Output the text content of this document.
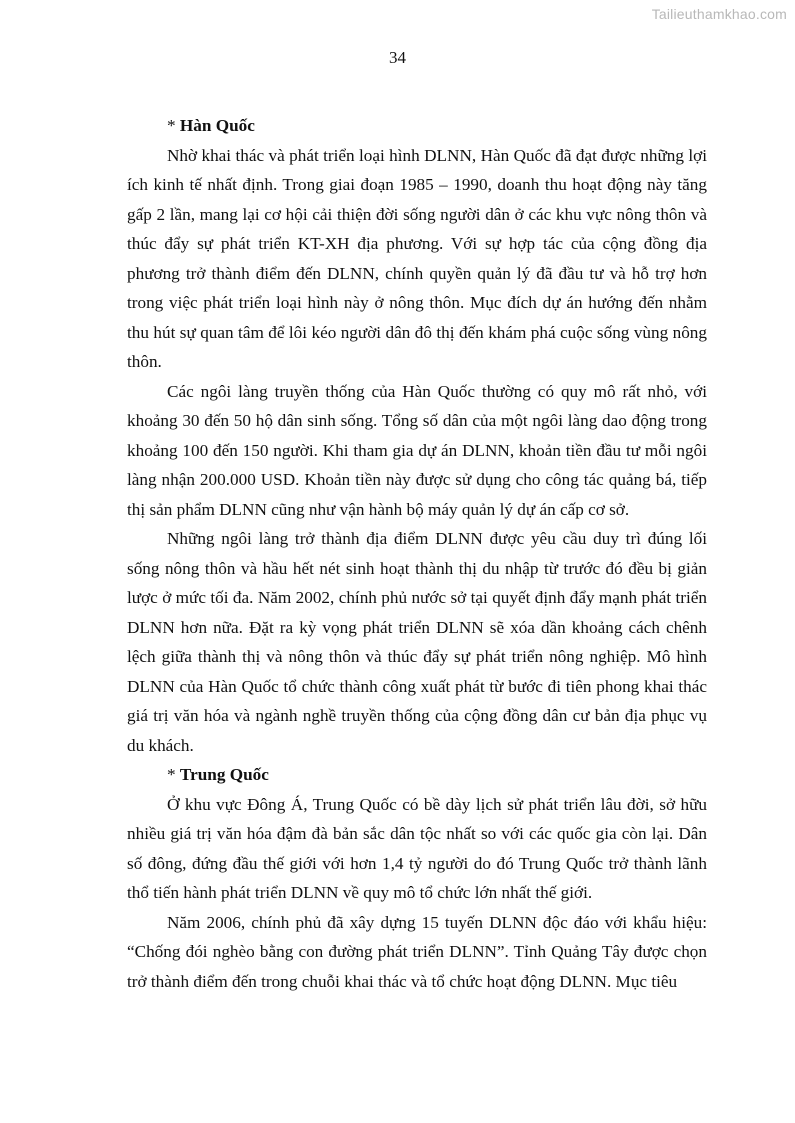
Tailieuthamkhao.com
34

* Hàn Quốc

Nhờ khai thác và phát triển loại hình DLNN, Hàn Quốc đã đạt được những lợi ích kinh tế nhất định. Trong giai đoạn 1985 – 1990, doanh thu hoạt động này tăng gấp 2 lần, mang lại cơ hội cải thiện đời sống người dân ở các khu vực nông thôn và thúc đẩy sự phát triển KT-XH địa phương. Với sự hợp tác của cộng đồng địa phương trở thành điểm đến DLNN, chính quyền quản lý đã đầu tư và hỗ trợ hơn trong việc phát triển loại hình này ở nông thôn. Mục đích dự án hướng đến nhằm thu hút sự quan tâm để lôi kéo người dân đô thị đến khám phá cuộc sống vùng nông thôn.

Các ngôi làng truyền thống của Hàn Quốc thường có quy mô rất nhỏ, với khoảng 30 đến 50 hộ dân sinh sống. Tổng số dân của một ngôi làng dao động trong khoảng 100 đến 150 người. Khi tham gia dự án DLNN, khoản tiền đầu tư mỗi ngôi làng nhận 200.000 USD. Khoản tiền này được sử dụng cho công tác quảng bá, tiếp thị sản phẩm DLNN cũng như vận hành bộ máy quản lý dự án cấp cơ sở.

Những ngôi làng trở thành địa điểm DLNN được yêu cầu duy trì đúng lối sống nông thôn và hầu hết nét sinh hoạt thành thị du nhập từ trước đó đều bị giản lược ở mức tối đa. Năm 2002, chính phủ nước sở tại quyết định đẩy mạnh phát triển DLNN hơn nữa. Đặt ra kỳ vọng phát triển DLNN sẽ xóa dần khoảng cách chênh lệch giữa thành thị và nông thôn và thúc đẩy sự phát triển nông nghiệp. Mô hình DLNN của Hàn Quốc tổ chức thành công xuất phát từ bước đi tiên phong khai thác giá trị văn hóa và ngành nghề truyền thống của cộng đồng dân cư bản địa phục vụ du khách.

* Trung Quốc

Ở khu vực Đông Á, Trung Quốc có bề dày lịch sử phát triển lâu đời, sở hữu nhiều giá trị văn hóa đậm đà bản sắc dân tộc nhất so với các quốc gia còn lại. Dân số đông, đứng đầu thế giới với hơn 1,4 tỷ người do đó Trung Quốc trở thành lãnh thổ tiến hành phát triển DLNN về quy mô tổ chức lớn nhất thế giới.

Năm 2006, chính phủ đã xây dựng 15 tuyến DLNN độc đáo với khẩu hiệu: “Chống đói nghèo bằng con đường phát triển DLNN”. Tỉnh Quảng Tây được chọn trở thành điểm đến trong chuỗi khai thác và tổ chức hoạt động DLNN. Mục tiêu
